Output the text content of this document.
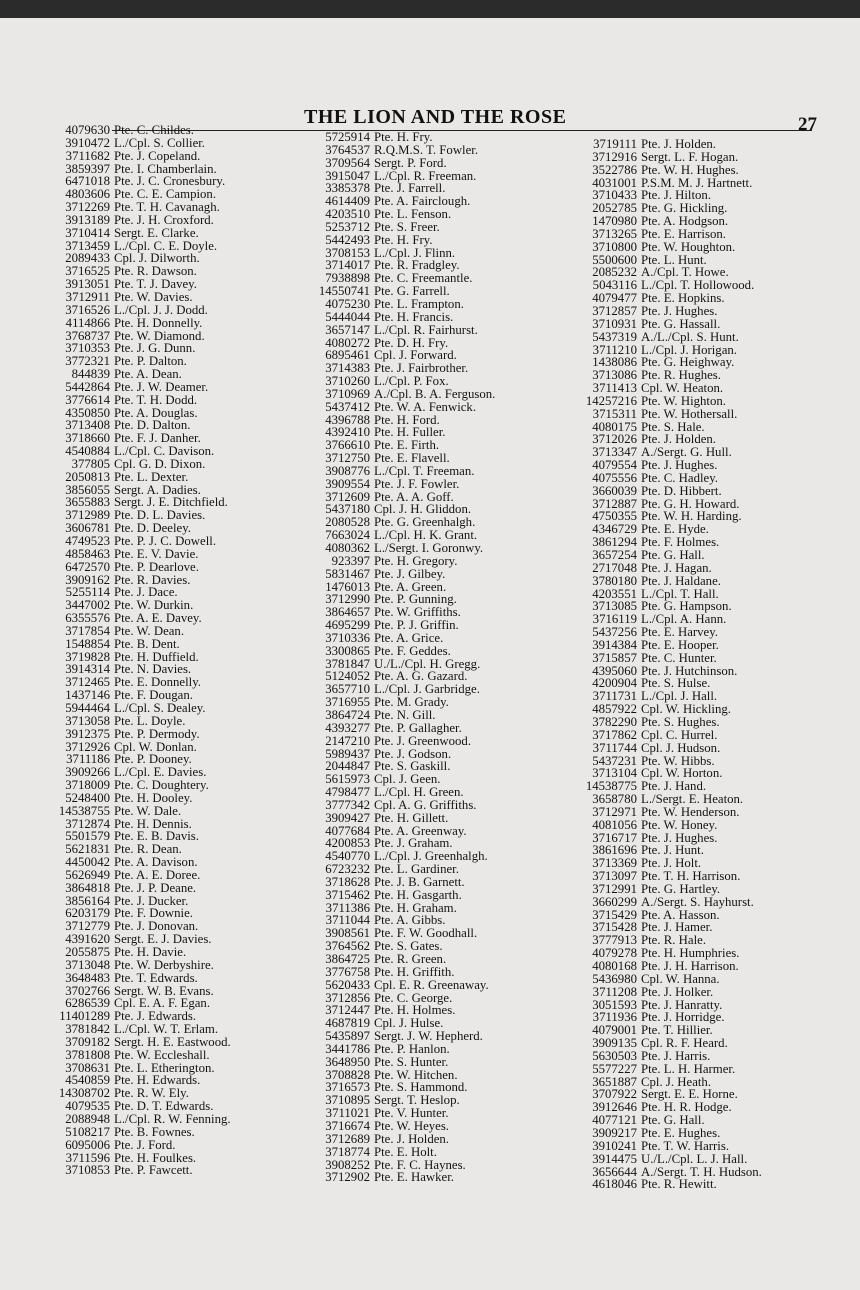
THE LION AND THE ROSE	27
4079630 Pte. C. Childes.
3910472 L./Cpl. S. Collier.
3711682 Pte. J. Copeland.
3859397 Pte. I. Chamberlain.
6471018 Pte. J. C. Cronesbury.
4803606 Pte. C. E. Campion.
3712269 Pte. T. H. Cavanagh.
3913189 Pte. J. H. Croxford.
3710414 Sergt. E. Clarke.
3713459 L./Cpl. C. E. Doyle.
2089433 Cpl. J. Dilworth.
3716525 Pte. R. Dawson.
3913051 Pte. T. J. Davey.
3712911 Pte. W. Davies.
3716526 L./Cpl. J. J. Dodd.
4114866 Pte. H. Donnelly.
3768737 Pte. W. Diamond.
3710353 Pte. J. G. Dunn.
3772321 Pte. P. Dalton.
844839 Pte. A. Dean.
5442864 Pte. J. W. Deamer.
3776614 Pte. T. H. Dodd.
4350850 Pte. A. Douglas.
3713408 Pte. D. Dalton.
3718660 Pte. F. J. Danher.
4540884 L./Cpl. C. Davison.
377805 Cpl. G. D. Dixon.
2050813 Pte. L. Dexter.
3856055 Sergt. A. Dadies.
3655883 Sergt. J. E. Ditchfield.
3712989 Pte. D. L. Davies.
3606781 Pte. D. Deeley.
4749523 Pte. P. J. C. Dowell.
4858463 Pte. E. V. Davie.
6472570 Pte. P. Dearlove.
3909162 Pte. R. Davies.
5255114 Pte. J. Dace.
3447002 Pte. W. Durkin.
6355576 Pte. A. E. Davey.
3717854 Pte. W. Dean.
1548854 Pte. B. Dent.
3719828 Pte. H. Duffield.
3914314 Pte. N. Davies.
3712465 Pte. E. Donnelly.
1437146 Pte. F. Dougan.
5944464 L./Cpl. S. Dealey.
3713058 Pte. L. Doyle.
3912375 Pte. P. Dermody.
3712926 Cpl. W. Donlan.
3711186 Pte. P. Dooney.
3909266 L./Cpl. E. Davies.
3718009 Pte. C. Doughtery.
5248400 Pte. H. Dooley.
14538755 Pte. W. Dale.
3712874 Pte. H. Dennis.
5501579 Pte. E. B. Davis.
5621831 Pte. R. Dean.
4450042 Pte. A. Davison.
5626949 Pte. A. E. Doree.
3864818 Pte. J. P. Deane.
3856164 Pte. J. Ducker.
6203179 Pte. F. Downie.
3712779 Pte. J. Donovan.
4391620 Sergt. E. J. Davies.
2055875 Pte. H. Davie.
3713048 Pte. W. Derbyshire.
3648483 Pte. T. Edwards.
3702766 Sergt. W. B. Evans.
6286539 Cpl. E. A. F. Egan.
11401289 Pte. J. Edwards.
3781842 L./Cpl. W. T. Erlam.
3709182 Sergt. H. E. Eastwood.
3781808 Pte. W. Eccleshall.
3708631 Pte. L. Etherington.
4540859 Pte. H. Edwards.
14308702 Pte. R. W. Ely.
4079535 Pte. D. T. Edwards.
2088948 L./Cpl. R. W. Fenning.
5108217 Pte. B. Fownes.
6095006 Pte. J. Ford.
3711596 Pte. H. Foulkes.
3710853 Pte. P. Fawcett.
5725914 Pte. H. Fry.
3764537 R.Q.M.S. T. Fowler.
3709564 Sergt. P. Ford.
3915047 L./Cpl. R. Freeman.
3385378 Pte. J. Farrell.
4614409 Pte. A. Fairclough.
4203510 Pte. L. Fenson.
5253712 Pte. S. Freer.
5442493 Pte. H. Fry.
3708153 L./Cpl. J. Flinn.
3714017 Pte. R. Fradgley.
7938898 Pte. C. Freemantle.
14550741 Pte. G. Farrell.
4075230 Pte. L. Frampton.
5444044 Pte. H. Francis.
3657147 L./Cpl. R. Fairhurst.
4080272 Pte. D. H. Fry.
6895461 Cpl. J. Forward.
3714383 Pte. J. Fairbrother.
3710260 L./Cpl. P. Fox.
3710969 A./Cpl. B. A. Ferguson.
5437412 Pte. W. A. Fenwick.
4396788 Pte. H. Ford.
4392410 Pte. H. Fuller.
3766610 Pte. E. Firth.
3712750 Pte. E. Flavell.
3908776 L./Cpl. T. Freeman.
3909554 Pte. J. F. Fowler.
3712609 Pte. A. A. Goff.
5437180 Cpl. J. H. Gliddon.
2080528 Pte. G. Greenhalgh.
7663024 L./Cpl. H. K. Grant.
4080362 L./Sergt. I. Goronwy.
923397 Pte. H. Gregory.
5831467 Pte. J. Gilbey.
1476013 Pte. A. Green.
3712990 Pte. P. Gunning.
3864657 Pte. W. Griffiths.
4695299 Pte. P. J. Griffin.
3710336 Pte. A. Grice.
3300865 Pte. F. Geddes.
3781847 U./L./Cpl. H. Gregg.
5124052 Pte. A. G. Gazard.
3657710 L./Cpl. J. Garbridge.
3716955 Pte. M. Grady.
3864724 Pte. N. Gill.
4393277 Pte. P. Gallagher.
2147210 Pte. J. Greenwood.
5989437 Pte. J. Godson.
2044847 Pte. S. Gaskill.
5615973 Cpl. J. Geen.
4798477 L./Cpl. H. Green.
3777342 Cpl. A. G. Griffiths.
3909427 Pte. H. Gillett.
4077684 Pte. A. Greenway.
4200853 Pte. J. Graham.
4540770 L./Cpl. J. Greenhalgh.
6723232 Pte. L. Gardiner.
3718628 Pte. J. B. Garnett.
3715462 Pte. H. Gasgarth.
3711386 Pte. H. Graham.
3711044 Pte. A. Gibbs.
3908561 Pte. F. W. Goodhall.
3764562 Pte. S. Gates.
3864725 Pte. R. Green.
3776758 Pte. H. Griffith.
5620433 Cpl. E. R. Greenaway.
3712856 Pte. C. George.
3712447 Pte. H. Holmes.
4687819 Cpl. J. Hulse.
5435897 Sergt. J. W. Hepherd.
3441786 Pte. P. Hanlon.
3648950 Pte. S. Hunter.
3708828 Pte. W. Hitchen.
3716573 Pte. S. Hammond.
3710895 Sergt. T. Heslop.
3711021 Pte. V. Hunter.
3716674 Pte. W. Heyes.
3712689 Pte. J. Holden.
3718774 Pte. E. Holt.
3908252 Pte. F. C. Haynes.
3712902 Pte. E. Hawker.
3719111 Pte. J. Holden.
3712916 Sergt. L. F. Hogan.
3522786 Pte. W. H. Hughes.
4031001 P.S.M. M. J. Hartnett.
3710433 Pte. J. Hilton.
2052785 Pte. G. Hickling.
1470980 Pte. A. Hodgson.
3713265 Pte. E. Harrison.
3710800 Pte. W. Houghton.
5500600 Pte. L. Hunt.
2085232 A./Cpl. T. Howe.
5043116 L./Cpl. T. Hollowood.
4079477 Pte. E. Hopkins.
3712857 Pte. J. Hughes.
3710931 Pte. G. Hassall.
5437319 A./L./Cpl. S. Hunt.
3711210 L./Cpl. J. Horigan.
1438086 Pte. G. Heighway.
3713086 Pte. R. Hughes.
3711413 Cpl. W. Heaton.
14257216 Pte. W. Highton.
3715311 Pte. W. Hothersall.
4080175 Pte. S. Hale.
3712026 Pte. J. Holden.
3713347 A./Sergt. G. Hull.
4079554 Pte. J. Hughes.
4075556 Pte. C. Hadley.
3660039 Pte. D. Hibbert.
3712887 Pte. G. H. Howard.
4750355 Pte. W. H. Harding.
4346729 Pte. E. Hyde.
3861294 Pte. F. Holmes.
3657254 Pte. G. Hall.
2717048 Pte. J. Hagan.
3780180 Pte. J. Haldane.
4203551 L./Cpl. T. Hall.
3713085 Pte. G. Hampson.
3716119 L./Cpl. A. Hann.
5437256 Pte. E. Harvey.
3914384 Pte. E. Hooper.
3715857 Pte. C. Hunter.
4395060 Pte. J. Hutchinson.
4200904 Pte. S. Hulse.
3711731 L./Cpl. J. Hall.
4857922 Cpl. W. Hickling.
3782290 Pte. S. Hughes.
3717862 Cpl. C. Hurrel.
3711744 Cpl. J. Hudson.
5437231 Pte. W. Hibbs.
3713104 Cpl. W. Horton.
14538775 Pte. J. Hand.
3658780 L./Sergt. E. Heaton.
3712971 Pte. W. Henderson.
4081056 Pte. W. Honey.
3716717 Pte. J. Hughes.
3861696 Pte. J. Hunt.
3713369 Pte. J. Holt.
3713097 Pte. T. H. Harrison.
3712991 Pte. G. Hartley.
3660299 A./Sergt. S. Hayhurst.
3715429 Pte. A. Hasson.
3715428 Pte. J. Hamer.
3777913 Pte. R. Hale.
4079278 Pte. H. Humphries.
4080168 Pte. J. H. Harrison.
5436980 Cpl. W. Hanna.
3711208 Pte. J. Holker.
3051593 Pte. J. Hanratty.
3711936 Pte. J. Horridge.
4079001 Pte. T. Hillier.
3909135 Cpl. R. F. Heard.
5630503 Pte. J. Harris.
5577227 Pte. L. H. Harmer.
3651887 Cpl. J. Heath.
3707922 Sergt. E. E. Horne.
3912646 Pte. H. R. Hodge.
4077121 Pte. G. Hall.
3909217 Pte. E. Hughes.
3910241 Pte. T. W. Harris.
3914475 U./L./Cpl. L. J. Hall.
3656644 A./Sergt. T. H. Hudson.
4618046 Pte. R. Hewitt.
